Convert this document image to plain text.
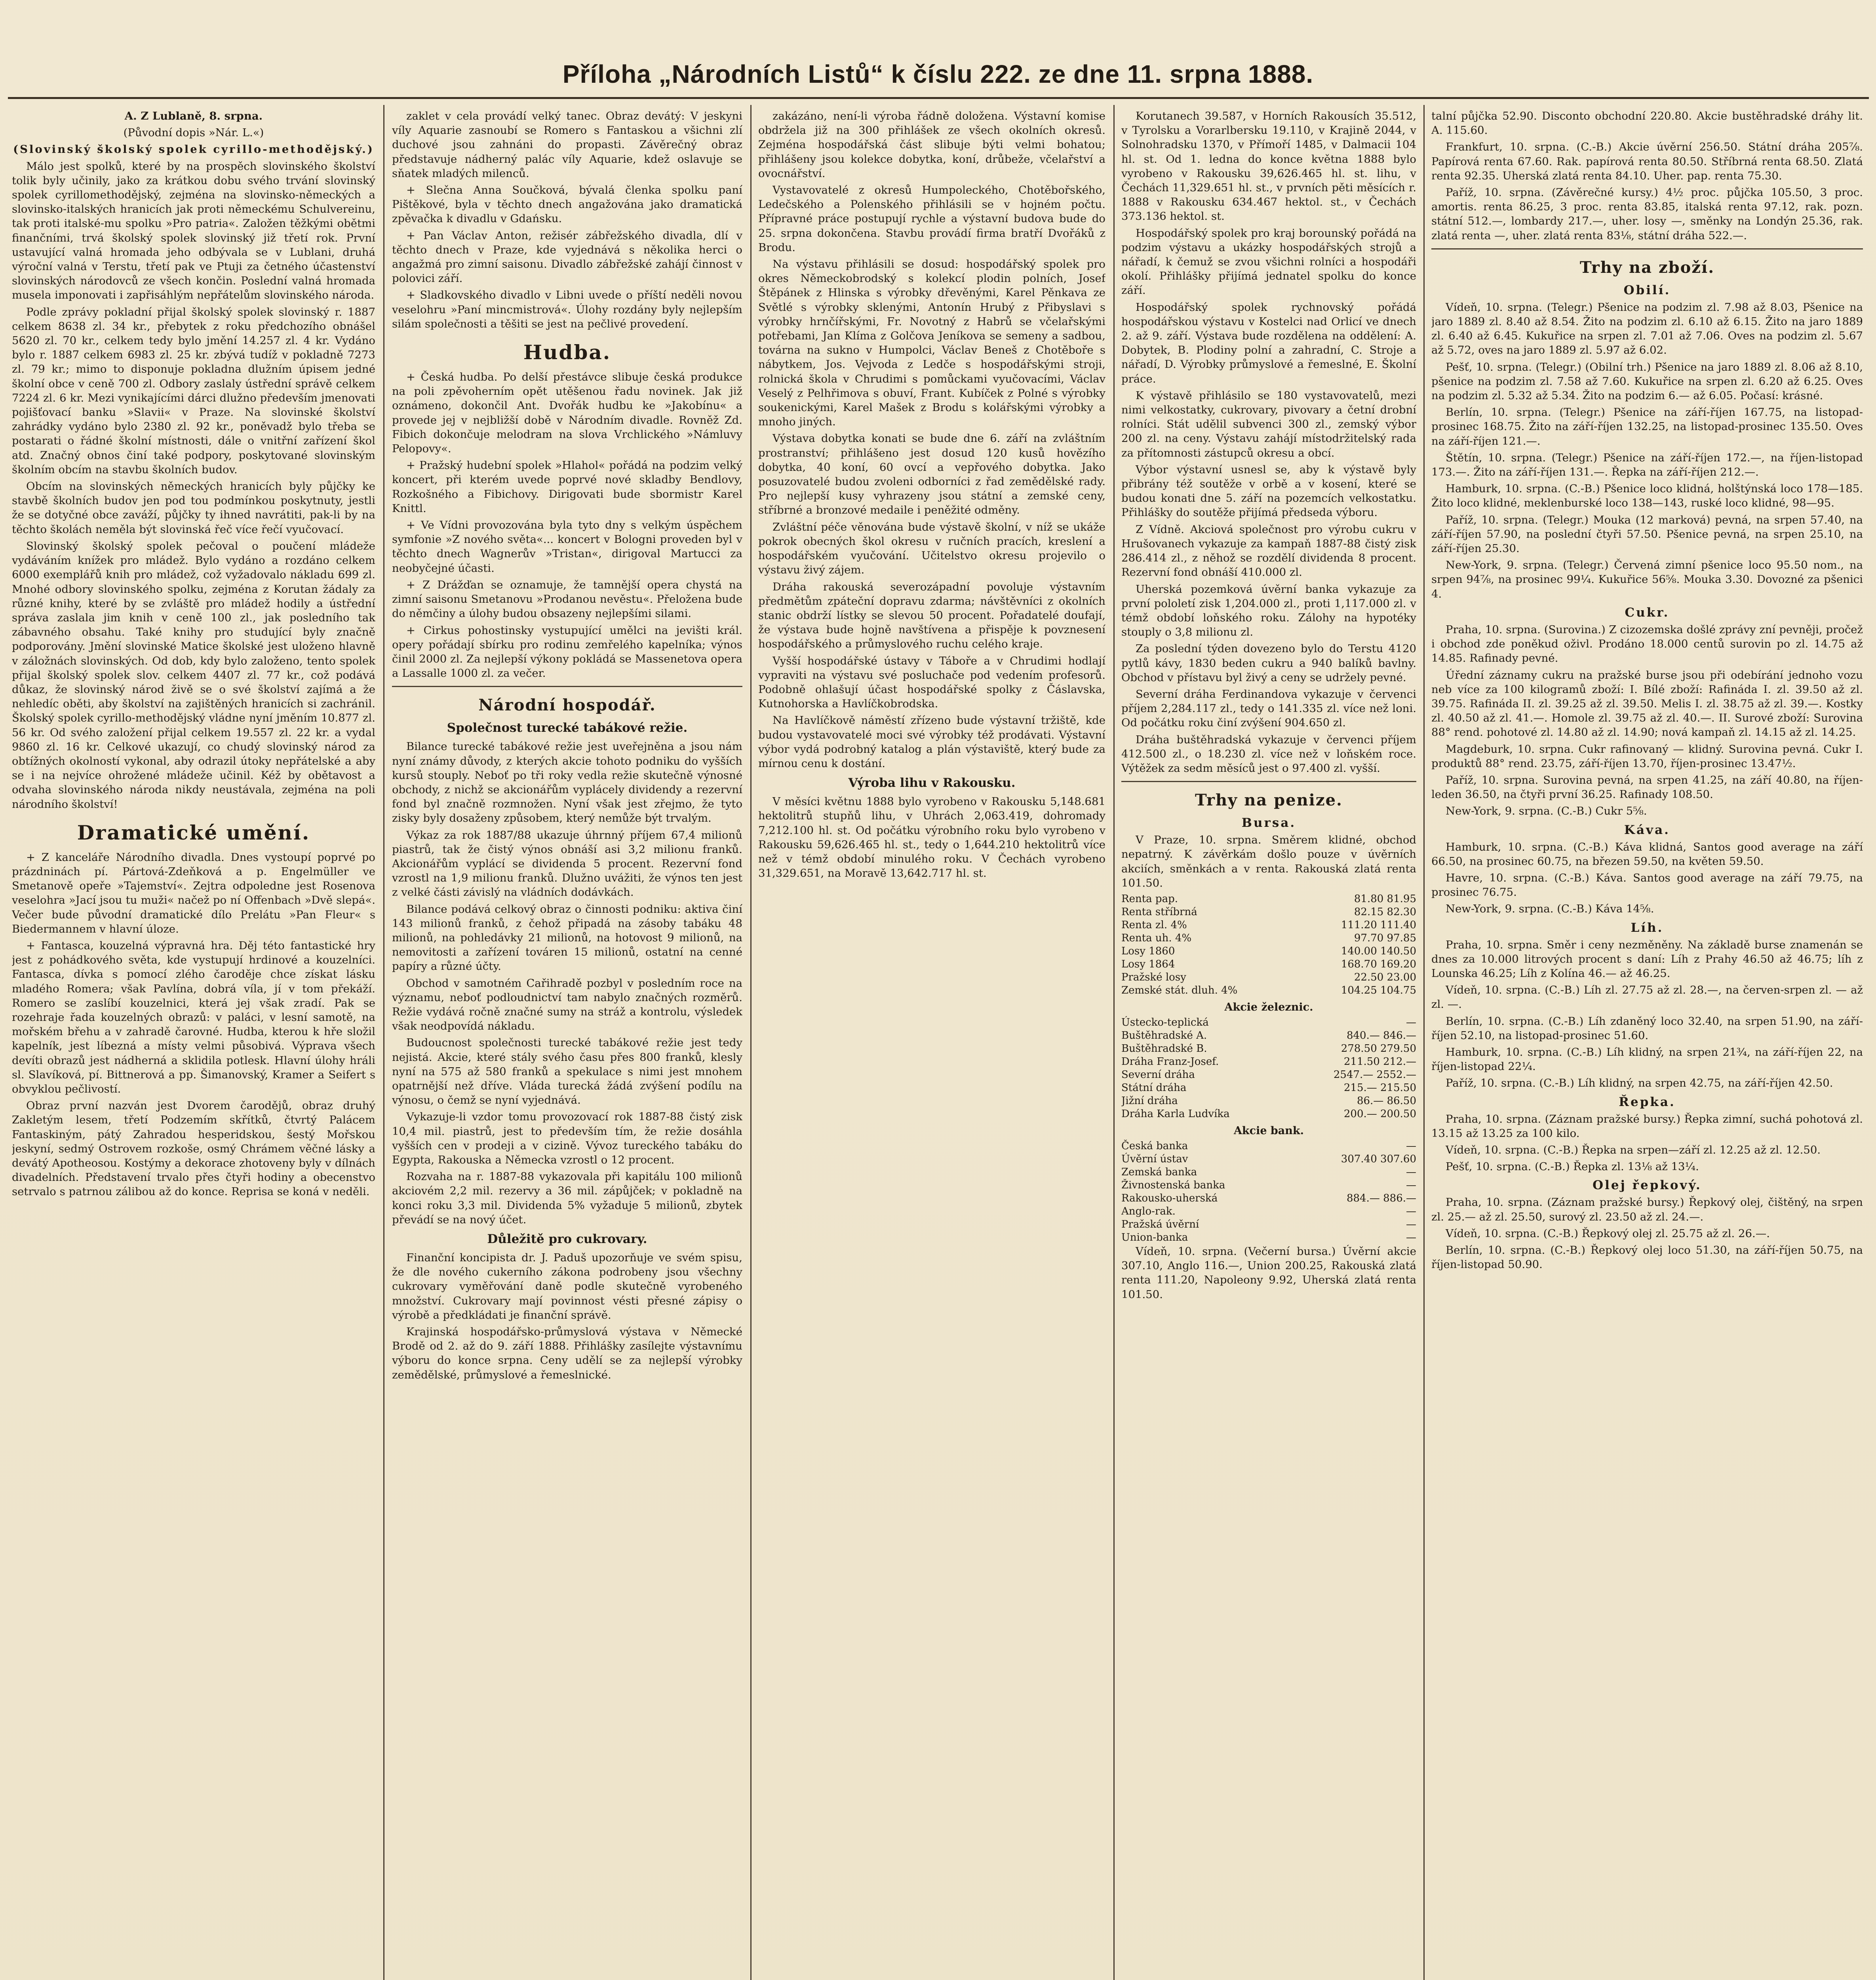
Příloha „Národních Listů“ k číslu 222. ze dne 11. srpna 1888.

A. Z Lublaně, 8. srpna.

(Původní dopis »Nár. L.«)

(Slovinský školský spolek cyrillo-methodějský.)

Málo jest spolků, které by na prospěch slovinského školství tolik byly učinily, jako za krátkou dobu svého trvání slovinský spolek cyrillomethodějský, zejména na slovinsko-německých a slovinsko-italských hranicích jak proti německému Schulvereinu, tak proti italské-mu spolku »Pro patria«. Založen těžkými obětmi finančními, trvá školský spolek slovinský již třetí rok. První ustavující valná hromada jeho odbývala se v Lublani, druhá výroční valná v Terstu, třetí pak ve Ptuji za četného účastenství slovinských národovců ze všech končin. Poslední valná hromada musela imponovati i zapřisáhlým nepřátelům slovinského národa.

Podle zprávy pokladní přijal školský spolek slovinský r. 1887 celkem 8638 zl. 34 kr., přebytek z roku předchozího obnášel 5620 zl. 70 kr., celkem tedy bylo jmění 14.257 zl. 4 kr. Vydáno bylo r. 1887 celkem 6983 zl. 25 kr. zbývá tudíž v pokladně 7273 zl. 79 kr.; mimo to disponuje pokladna dlužním úpisem jedné školní obce v ceně 700 zl. Odbory zaslaly ústřední správě celkem 7224 zl. 6 kr. Mezi vynikajícími dárci dlužno především jmenovati pojišťovací banku »Slavii« v Praze. Na slovinské školství zahrádky vydáno bylo 2380 zl. 92 kr., poněvadž bylo třeba se postarati o řádné školní místnosti, dále o vnitřní zařízení škol atd. Značný obnos činí také podpory, poskytované slovinským školním obcím na stavbu školních budov.

Obcím na slovinských německých hranicích byly půjčky ke stavbě školních budov jen pod tou podmínkou poskytnuty, jestli že se dotyčné obce zaváží, půjčky ty ihned navrátiti, pak-li by na těchto školách neměla být slovinská řeč více řečí vyučovací.

Slovinský školský spolek pečoval o poučení mládeže vydáváním knížek pro mládež. Bylo vydáno a rozdáno celkem 6000 exemplářů knih pro mládež, což vyžadovalo nákladu 699 zl. Mnohé odbory slovinského spolku, zejména z Korutan žádaly za různé knihy, které by se zvláště pro mládež hodily a ústřední správa zaslala jim knih v ceně 100 zl., jak posledního tak zábavného obsahu. Také knihy pro studující byly značně podporovány. Jmění slovinské Matice školské jest uloženo hlavně v záložnách slovinských. Od dob, kdy bylo založeno, tento spolek přijal školský spolek slov. celkem 4407 zl. 77 kr., což podává důkaz, že slovinský národ živě se o své školství zajímá a že nehledíc oběti, aby školství na zajištěných hranicích si zachránil. Školský spolek cyrillo-methodějský vládne nyní jměním 10.877 zl. 56 kr. Od svého založení přijal celkem 19.557 zl. 22 kr. a vydal 9860 zl. 16 kr. Celkové ukazují, co chudý slovinský národ za obtížných okolností vykonal, aby odrazil útoky nepřátelské a aby se i na nejvíce ohrožené mládeže učinil. Kéž by obětavost a odvaha slovinského národa nikdy neustávala, zejména na poli národního školství!

Dramatické umění.

+ Z kanceláře Národního divadla. Dnes vystoupí poprvé po prázdninách pí. Pártová-Zdeňková a p. Engelmüller ve Smetanově opeře »Tajemství«. Zejtra odpoledne jest Rosenova veselohra »Jací jsou tu muži« načež po ní Offenbach »Dvě slepá«. Večer bude původní dramatické dílo Prelátu »Pan Fleur« s Biedermannem v hlavní úloze.

+ Fantasca, kouzelná výpravná hra. Děj této fantastické hry jest z pohádkového světa, kde vystupují hrdinové a kouzelníci. Fantasca, dívka s pomocí zlého čaroděje chce získat lásku mladého Romera; však Pavlína, dobrá víla, jí v tom překáží. Romero se zaslíbí kouzelnici, která jej však zradí. Pak se rozehraje řada kouzelných obrazů: v paláci, v lesní samotě, na mořském břehu a v zahradě čarovné. Hudba, kterou k hře složil kapelník, jest líbezná a místy velmi působivá. Výprava všech devíti obrazů jest nádherná a sklidila potlesk. Hlavní úlohy hráli sl. Slavíková, pí. Bittnerová a pp. Šimanovský, Kramer a Seifert s obvyklou pečlivostí.

Obraz první nazván jest Dvorem čarodějů, obraz druhý Zakletým lesem, třetí Podzemím skřítků, čtvrtý Palácem Fantaskiným, pátý Zahradou hesperidskou, šestý Mořskou jeskyní, sedmý Ostrovem rozkoše, osmý Chrámem věčné lásky a devátý Apotheosou. Kostýmy a dekorace zhotoveny byly v dílnách divadelních. Představení trvalo přes čtyři hodiny a obecenstvo setrvalo s patrnou zálibou až do konce. Reprisa se koná v neděli.

zaklet v cela provádí velký tanec. Obraz devátý: V jeskyni víly Aquarie zasnoubí se Romero s Fantaskou a všichni zlí duchové jsou zahnáni do propasti. Závěrečný obraz představuje nádherný palác víly Aquarie, kdež oslavuje se sňatek mladých milenců.

+ Slečna Anna Součková, bývalá členka spolku paní Pištěkové, byla v těchto dnech angažována jako dramatická zpěvačka k divadlu v Gdańsku.

+ Pan Václav Anton, režisér zábřežského divadla, dlí v těchto dnech v Praze, kde vyjednává s několika herci o angažmá pro zimní saisonu. Divadlo zábřežské zahájí činnost v polovici září.

+ Sladkovského divadlo v Libni uvede o příští neděli novou veselohru »Paní mincmistrová«. Úlohy rozdány byly nejlepším silám společnosti a těšiti se jest na pečlivé provedení.

Hudba.

+ Česká hudba. Po delší přestávce slibuje česká produkce na poli zpěvoherním opět utěšenou řadu novinek. Jak již oznámeno, dokončil Ant. Dvořák hudbu ke »Jakobínu« a provede jej v nejbližší době v Národním divadle. Rovněž Zd. Fibich dokončuje melodram na slova Vrchlického »Námluvy Pelopovy«.

+ Pražský hudební spolek »Hlahol« pořádá na podzim velký koncert, při kterém uvede poprvé nové skladby Bendlovy, Rozkošného a Fibichovy. Dirigovati bude sbormistr Karel Knittl.

+ Ve Vídni provozována byla tyto dny s velkým úspěchem symfonie »Z nového světa«... koncert v Bologni proveden byl v těchto dnech Wagnerův »Tristan«, dirigoval Martucci za neobyčejné účasti.

+ Z Drážďan se oznamuje, že tamnější opera chystá na zimní saisonu Smetanovu »Prodanou nevěstu«. Přeložena bude do němčiny a úlohy budou obsazeny nejlepšími silami.

+ Cirkus pohostinsky vystupující umělci na jevišti král. opery pořádají sbírku pro rodinu zemřelého kapelníka; výnos činil 2000 zl. Za nejlepší výkony pokládá se Massenetova opera a Lassalle 1000 zl. za večer.

Národní hospodář.
Společnost turecké tabákové režie.

Bilance turecké tabákové režie jest uveřejněna a jsou nám nyní známy důvody, z kterých akcie tohoto podniku do vyšších kursů stouply. Neboť po tři roky vedla režie skutečně výnosné obchody, z nichž se akcionářům vyplácely dividendy a rezervní fond byl značně rozmnožen. Nyní však jest zřejmo, že tyto zisky byly dosaženy způsobem, který nemůže být trvalým.

Výkaz za rok 1887/88 ukazuje úhrnný příjem 67,4 milionů piastrů, tak že čistý výnos obnáší asi 3,2 milionu franků. Akcionářům vyplácí se dividenda 5 procent. Rezervní fond vzrostl na 1,9 milionu franků. Dlužno uvážiti, že výnos ten jest z velké části závislý na vládních dodávkách.

Bilance podává celkový obraz o činnosti podniku: aktiva činí 143 milionů franků, z čehož připadá na zásoby tabáku 48 milionů, na pohledávky 21 milionů, na hotovost 9 milionů, na nemovitosti a zařízení továren 15 milionů, ostatní na cenné papíry a různé účty.

Obchod v samotném Cařihradě pozbyl v posledním roce na významu, neboť podloudnictví tam nabylo značných rozměrů. Režie vydává ročně značné sumy na stráž a kontrolu, výsledek však neodpovídá nákladu.

Budoucnost společnosti turecké tabákové režie jest tedy nejistá. Akcie, které stály svého času přes 800 franků, klesly nyní na 575 až 580 franků a spekulace s nimi jest mnohem opatrnější než dříve. Vláda turecká žádá zvýšení podílu na výnosu, o čemž se nyní vyjednává.

Vykazuje-li vzdor tomu provozovací rok 1887-88 čistý zisk 10,4 mil. piastrů, jest to především tím, že režie dosáhla vyšších cen v prodeji a v cizině. Vývoz tureckého tabáku do Egypta, Rakouska a Německa vzrostl o 12 procent.

Rozvaha na r. 1887-88 vykazovala při kapitálu 100 milionů akciovém 2,2 mil. rezervy a 36 mil. zápůjček; v pokladně na konci roku 3,3 mil. Dividenda 5% vyžaduje 5 milionů, zbytek převádí se na nový účet.

Důležitě pro cukrovary.

Finanční koncipista dr. J. Paduš upozorňuje ve svém spisu, že dle nového cukerního zákona podrobeny jsou všechny cukrovary vyměřování daně podle skutečně vyrobeného množství. Cukrovary mají povinnost vésti přesné zápisy o výrobě a předkládati je finanční správě.

Krajinská hospodářsko-průmyslová výstava v Německé Brodě od 2. až do 9. září 1888. Přihlášky zasílejte výstavnímu výboru do konce srpna. Ceny udělí se za nejlepší výrobky zemědělské, průmyslové a řemeslnické.

zakázáno, není-li výroba řádně doložena. Výstavní komise obdržela již na 300 přihlášek ze všech okolních okresů. Zejména hospodářská část slibuje býti velmi bohatou; přihlášeny jsou kolekce dobytka, koní, drůbeže, včelařství a ovocnářství.

Vystavovatelé z okresů Humpoleckého, Chotěbořského, Ledečského a Polenského přihlásili se v hojném počtu. Přípravné práce postupují rychle a výstavní budova bude do 25. srpna dokončena. Stavbu provádí firma bratří Dvořáků z Brodu.

Na výstavu přihlásili se dosud: hospodářský spolek pro okres Německobrodský s kolekcí plodin polních, Josef Štěpánek z Hlinska s výrobky dřevěnými, Karel Pěnkava ze Světlé s výrobky sklenými, Antonín Hrubý z Přibyslavi s výrobky hrnčířskými, Fr. Novotný z Habrů se včelařskými potřebami, Jan Klíma z Golčova Jeníkova se semeny a sadbou, továrna na sukno v Humpolci, Václav Beneš z Chotěboře s nábytkem, Jos. Vejvoda z Ledče s hospodářskými stroji, rolnická škola v Chrudimi s pomůckami vyučovacími, Václav Veselý z Pelhřimova s obuví, Frant. Kubíček z Polné s výrobky soukenickými, Karel Mašek z Brodu s kolářskými výrobky a mnoho jiných.

Výstava dobytka konati se bude dne 6. září na zvláštním prostranství; přihlášeno jest dosud 120 kusů hovězího dobytka, 40 koní, 60 ovcí a vepřového dobytka. Jako posuzovatelé budou zvoleni odborníci z řad zemědělské rady. Pro nejlepší kusy vyhrazeny jsou státní a zemské ceny, stříbrné a bronzové medaile i peněžité odměny.

Zvláštní péče věnována bude výstavě školní, v níž se ukáže pokrok obecných škol okresu v ručních pracích, kreslení a hospodářském vyučování. Učitelstvo okresu projevilo o výstavu živý zájem.

Dráha rakouská severozápadní povoluje výstavním předmětům zpáteční dopravu zdarma; návštěvníci z okolních stanic obdrží lístky se slevou 50 procent. Pořadatelé doufají, že výstava bude hojně navštívena a přispěje k povznesení hospodářského a průmyslového ruchu celého kraje.

Vyšší hospodářské ústavy v Táboře a v Chrudimi hodlají vypraviti na výstavu své posluchače pod vedením profesorů. Podobně ohlašují účast hospodářské spolky z Čáslavska, Kutnohorska a Havlíčkobrodska.

Na Havlíčkově náměstí zřízeno bude výstavní tržiště, kde budou vystavovatelé moci své výrobky též prodávati. Výstavní výbor vydá podrobný katalog a plán výstaviště, který bude za mírnou cenu k dostání.

Výroba lihu v Rakousku.

V měsíci květnu 1888 bylo vyrobeno v Rakousku 5,148.681 hektolitrů stupňů lihu, v Uhrách 2,063.419, dohromady 7,212.100 hl. st. Od počátku výrobního roku bylo vyrobeno v Rakousku 59,626.465 hl. st., tedy o 1,644.210 hektolitrů více než v témž období minulého roku. V Čechách vyrobeno 31,329.651, na Moravě 13,642.717 hl. st.

Korutanech 39.587, v Horních Rakousích 35.512, v Tyrolsku a Vorarlbersku 19.110, v Krajině 2044, v Solnohradsku 1370, v Přímoří 1485, v Dalmacii 104 hl. st. Od 1. ledna do konce května 1888 bylo vyrobeno v Rakousku 39,626.465 hl. st. lihu, v Čechách 11,329.651 hl. st., v prvních pěti měsících r. 1888 v Rakousku 634.467 hektol. st., v Čechách 373.136 hektol. st.

Hospodářský spolek pro kraj borounský pořádá na podzim výstavu a ukázky hospodářských strojů a nářadí, k čemuž se zvou všichni rolníci a hospodáři okolí. Přihlášky přijímá jednatel spolku do konce září.

Hospodářský spolek rychnovský pořádá hospodářskou výstavu v Kostelci nad Orlicí ve dnech 2. až 9. září. Výstava bude rozdělena na oddělení: A. Dobytek, B. Plodiny polní a zahradní, C. Stroje a nářadí, D. Výrobky průmyslové a řemeslné, E. Školní práce.

K výstavě přihlásilo se 180 vystavovatelů, mezi nimi velkostatky, cukrovary, pivovary a četní drobní rolníci. Stát udělil subvenci 300 zl., zemský výbor 200 zl. na ceny. Výstavu zahájí místodržitelský rada za přítomnosti zástupců okresu a obcí.

Výbor výstavní usnesl se, aby k výstavě byly přibrány též soutěže v orbě a v kosení, které se budou konati dne 5. září na pozemcích velkostatku. Přihlášky do soutěže přijímá předseda výboru.

Z Vídně. Akciová společnost pro výrobu cukru v Hrušovanech vykazuje za kampaň 1887-88 čistý zisk 286.414 zl., z něhož se rozdělí dividenda 8 procent. Rezervní fond obnáší 410.000 zl.

Uherská pozemková úvěrní banka vykazuje za první pololetí zisk 1,204.000 zl., proti 1,117.000 zl. v témž období loňského roku. Zálohy na hypotéky stouply o 3,8 milionu zl.

Za poslední týden dovezeno bylo do Terstu 4120 pytlů kávy, 1830 beden cukru a 940 balíků bavlny. Obchod v přístavu byl živý a ceny se udržely pevné.

Severní dráha Ferdinandova vykazuje v červenci příjem 2,284.117 zl., tedy o 141.335 zl. více než loni. Od počátku roku činí zvýšení 904.650 zl.

Dráha buštěhradská vykazuje v červenci příjem 412.500 zl., o 18.230 zl. více než v loňském roce. Výtěžek za sedm měsíců jest o 97.400 zl. vyšší.

Trhy na penize.
Bursa.

V Praze, 10. srpna. Směrem klidné, obchod nepatrný. K závěrkám došlo pouze v úvěrních akciích, směnkách a v renta. Rakouská zlatá renta 101.50.

Renta pap.	81.80 81.95
Renta stříbrná	82.15 82.30
Renta zl. 4%	111.20 111.40
Renta uh. 4%	97.70 97.85
Losy 1860	140.00 140.50
Losy 1864	168.70 169.20
Pražské losy	22.50 23.00
Zemské stát. dluh. 4%	104.25 104.75
Akcie železnic.
Ústecko-teplická	—
Buštěhradské A.	840.— 846.—
Buštěhradské B.	278.50 279.50
Dráha Franz-Josef.	211.50 212.—
Severní dráha	2547.— 2552.—
Státní dráha	215.— 215.50
Jižní dráha	86.— 86.50
Dráha Karla Ludvíka	200.— 200.50
Akcie bank.
Česká banka	—
Úvěrní ústav	307.40 307.60
Zemská banka	—
Živnostenská banka	—
Rakousko-uherská	884.— 886.—
Anglo-rak.	—
Pražská úvěrní	—
Union-banka	—

Vídeň, 10. srpna. (Večerní bursa.) Úvěrní akcie 307.10, Anglo 116.—, Union 200.25, Rakouská zlatá renta 111.20, Napoleony 9.92, Uherská zlatá renta 101.50.

talní půjčka 52.90. Disconto obchodní 220.80. Akcie bustěhradské dráhy lit. A. 115.60.

Frankfurt, 10. srpna. (C.-B.) Akcie úvěrní 256.50. Státní dráha 205⅞. Papírová renta 67.60. Rak. papírová renta 80.50. Stříbrná renta 68.50. Zlatá renta 92.35. Uherská zlatá renta 84.10. Uher. pap. renta 75.30.

Paříž, 10. srpna. (Závěrečné kursy.) 4½ proc. půjčka 105.50, 3 proc. amortis. renta 86.25, 3 proc. renta 83.85, italská renta 97.12, rak. pozn. státní 512.—, lombardy 217.—, uher. losy —, směnky na Londýn 25.36, rak. zlatá renta —, uher. zlatá renta 83⅛, státní dráha 522.—.

Trhy na zboží.
Obilí.

Vídeň, 10. srpna. (Telegr.) Pšenice na podzim zl. 7.98 až 8.03, Pšenice na jaro 1889 zl. 8.40 až 8.54. Žito na podzim zl. 6.10 až 6.15. Žito na jaro 1889 zl. 6.40 až 6.45. Kukuřice na srpen zl. 7.01 až 7.06. Oves na podzim zl. 5.67 až 5.72, oves na jaro 1889 zl. 5.97 až 6.02.

Pešť, 10. srpna. (Telegr.) (Obilní trh.) Pšenice na jaro 1889 zl. 8.06 až 8.10, pšenice na podzim zl. 7.58 až 7.60. Kukuřice na srpen zl. 6.20 až 6.25. Oves na podzim zl. 5.32 až 5.34. Žito na podzim 6.— až 6.05. Počasí: krásné.

Berlín, 10. srpna. (Telegr.) Pšenice na září-říjen 167.75, na listopad-prosinec 168.75. Žito na září-říjen 132.25, na listopad-prosinec 135.50. Oves na září-říjen 121.—.

Štětín, 10. srpna. (Telegr.) Pšenice na září-říjen 172.—, na říjen-listopad 173.—. Žito na září-říjen 131.—. Řepka na září-říjen 212.—.

Hamburk, 10. srpna. (C.-B.) Pšenice loco klidná, holštýnská loco 178—185. Žito loco klidné, meklenburské loco 138—143, ruské loco klidné, 98—95.

Paříž, 10. srpna. (Telegr.) Mouka (12 marková) pevná, na srpen 57.40, na září-říjen 57.90, na poslední čtyři 57.50. Pšenice pevná, na srpen 25.10, na září-říjen 25.30.

New-York, 9. srpna. (Telegr.) Červená zimní pšenice loco 95.50 nom., na srpen 94⅞, na prosinec 99¼. Kukuřice 56⅝. Mouka 3.30. Dovozné za pšenici 4.

Cukr.

Praha, 10. srpna. (Surovina.) Z cizozemska došlé zprávy zní pevněji, pročež i obchod zde poněkud oživl. Prodáno 18.000 centů surovin po zl. 14.75 až 14.85. Rafinady pevné.

Úřední záznamy cukru na pražské burse jsou při odebírání jednoho vozu neb více za 100 kilogramů zboží: I. Bílé zboží: Rafináda I. zl. 39.50 až zl. 39.75. Rafináda II. zl. 39.25 až zl. 39.50. Melis I. zl. 38.75 až zl. 39.—. Kostky zl. 40.50 až zl. 41.—. Homole zl. 39.75 až zl. 40.—. II. Surové zboží: Surovina 88° rend. pohotové zl. 14.80 až zl. 14.90; nová kampaň zl. 14.15 až zl. 14.25.

Magdeburk, 10. srpna. Cukr rafinovaný — klidný. Surovina pevná. Cukr I. produktů 88° rend. 23.75, září-říjen 13.70, říjen-prosinec 13.47½.

Paříž, 10. srpna. Surovina pevná, na srpen 41.25, na září 40.80, na říjen-leden 36.50, na čtyři první 36.25. Rafinady 108.50.

New-York, 9. srpna. (C.-B.) Cukr 5⅝.

Káva.

Hamburk, 10. srpna. (C.-B.) Káva klidná, Santos good average na září 66.50, na prosinec 60.75, na březen 59.50, na květen 59.50.

Havre, 10. srpna. (C.-B.) Káva. Santos good average na září 79.75, na prosinec 76.75.

New-York, 9. srpna. (C.-B.) Káva 14⅝.

Líh.

Praha, 10. srpna. Směr i ceny nezměněny. Na základě burse znamenán se dnes za 10.000 litrových procent s daní: Líh z Prahy 46.50 až 46.75; líh z Lounska 46.25; Líh z Kolína 46.— až 46.25.

Vídeň, 10. srpna. (C.-B.) Líh zl. 27.75 až zl. 28.—, na červen-srpen zl. — až zl. —.

Berlín, 10. srpna. (C.-B.) Líh zdaněný loco 32.40, na srpen 51.90, na září-říjen 52.10, na listopad-prosinec 51.60.

Hamburk, 10. srpna. (C.-B.) Líh klidný, na srpen 21¾, na září-říjen 22, na říjen-listopad 22¼.

Paříž, 10. srpna. (C.-B.) Líh klidný, na srpen 42.75, na září-říjen 42.50.

Řepka.

Praha, 10. srpna. (Záznam pražské bursy.) Řepka zimní, suchá pohotová zl. 13.15 až 13.25 za 100 kilo.

Vídeň, 10. srpna. (C.-B.) Řepka na srpen—září zl. 12.25 až zl. 12.50.

Pešť, 10. srpna. (C.-B.) Řepka zl. 13⅛ až 13¼.

Olej řepkový.

Praha, 10. srpna. (Záznam pražské bursy.) Řepkový olej, čištěný, na srpen zl. 25.— až zl. 25.50, surový zl. 23.50 až zl. 24.—.

Vídeň, 10. srpna. (C.-B.) Řepkový olej zl. 25.75 až zl. 26.—.

Berlín, 10. srpna. (C.-B.) Řepkový olej loco 51.30, na září-říjen 50.75, na říjen-listopad 50.90.
